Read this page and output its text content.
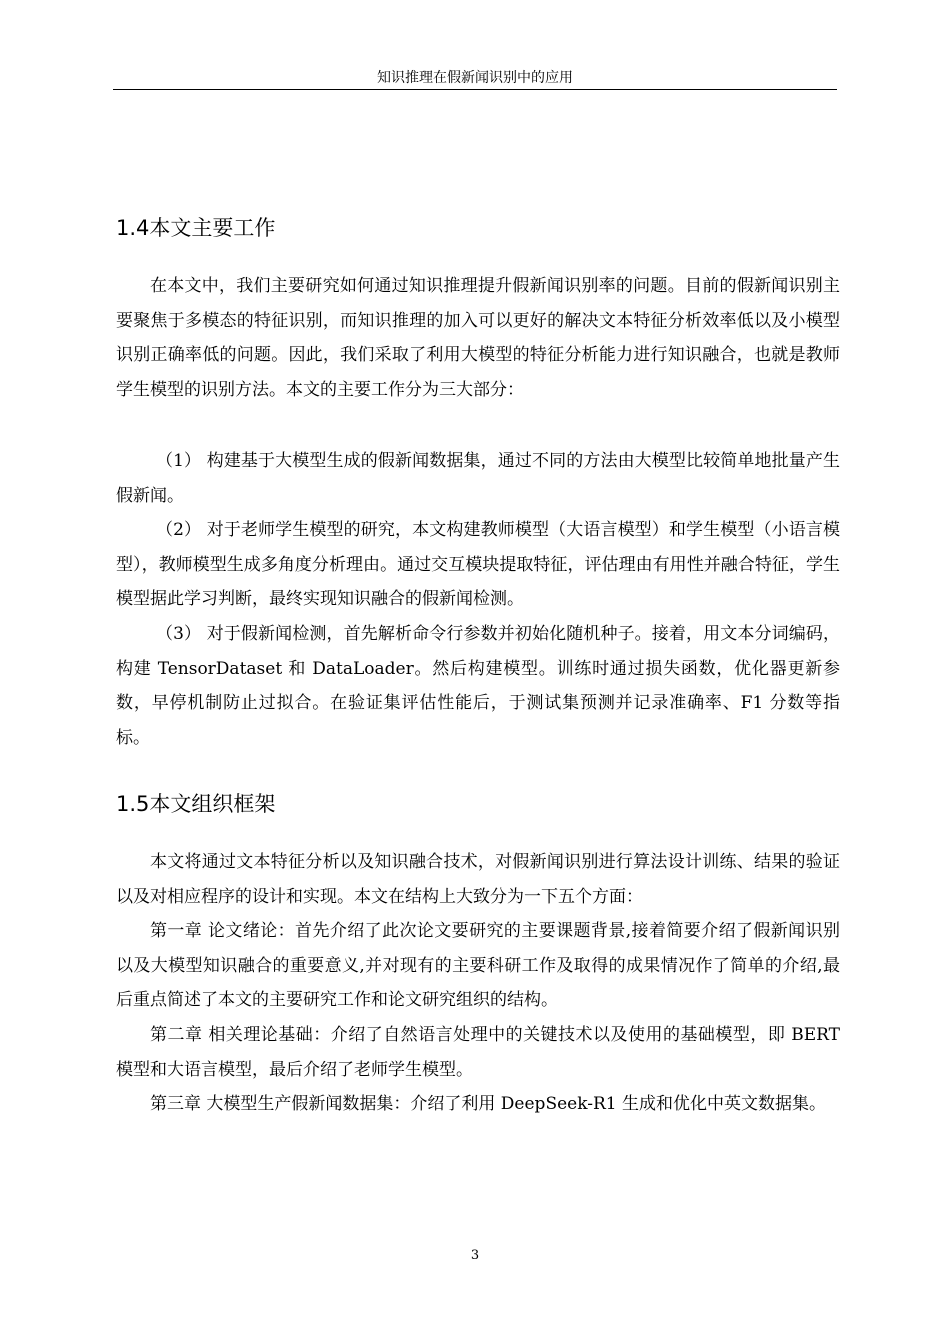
知识推理在假新闻识别中的应用
1.4本文主要工作

在本文中，我们主要研究如何通过知识推理提升假新闻识别率的问题。目前的假新闻识别主要聚焦于多模态的特征识别，而知识推理的加入可以更好的解决文本特征分析效率低以及小模型识别正确率低的问题。因此，我们采取了利用大模型的特征分析能力进行知识融合，也就是教师学生模型的识别方法。本文的主要工作分为三大部分：

（1） 构建基于大模型生成的假新闻数据集，通过不同的方法由大模型比较简单地批量产生假新闻。

（2） 对于老师学生模型的研究，本文构建教师模型（大语言模型）和学生模型（小语言模型），教师模型生成多角度分析理由。通过交互模块提取特征，评估理由有用性并融合特征，学生模型据此学习判断，最终实现知识融合的假新闻检测。

（3） 对于假新闻检测，首先解析命令行参数并初始化随机种子。接着，用文本分词编码，构建 TensorDataset 和 DataLoader。然后构建模型。训练时通过损失函数，优化器更新参数，早停机制防止过拟合。在验证集评估性能后，于测试集预测并记录准确率、F1 分数等指标。

1.5本文组织框架

本文将通过文本特征分析以及知识融合技术，对假新闻识别进行算法设计训练、结果的验证以及对相应程序的设计和实现。本文在结构上大致分为一下五个方面：

第一章 论文绪论：首先介绍了此次论文要研究的主要课题背景,接着简要介绍了假新闻识别以及大模型知识融合的重要意义,并对现有的主要科研工作及取得的成果情况作了简单的介绍,最后重点简述了本文的主要研究工作和论文研究组织的结构。

第二章 相关理论基础：介绍了自然语言处理中的关键技术以及使用的基础模型，即 BERT 模型和大语言模型，最后介绍了老师学生模型。

第三章 大模型生产假新闻数据集：介绍了利用 DeepSeek-R1 生成和优化中英文数据集。

3
